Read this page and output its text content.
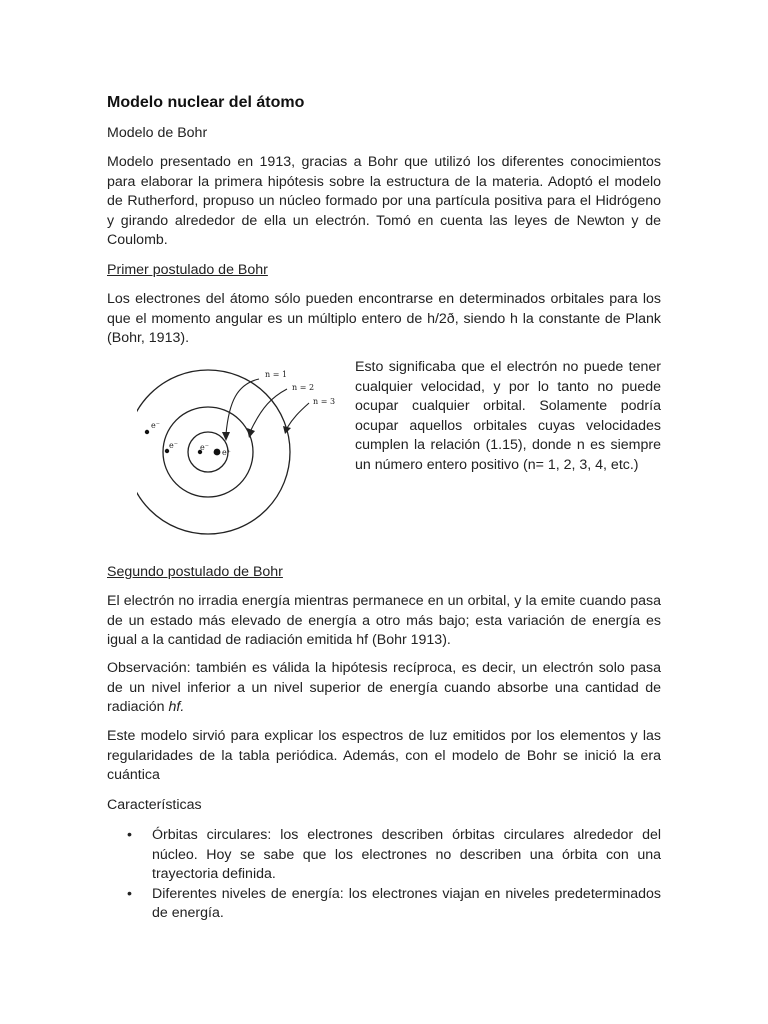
Modelo nuclear del átomo
Modelo de Bohr

Modelo presentado en 1913, gracias a Bohr que utilizó los diferentes conocimientos para elaborar la primera hipótesis sobre la estructura de la materia. Adoptó el modelo de Rutherford, propuso un núcleo formado por una partícula positiva para el Hidrógeno y girando alrededor de ella un electrón. Tomó en cuenta las leyes de Newton y de Coulomb.

Primer postulado de Bohr

Los electrones del átomo sólo pueden encontrarse en determinados orbitales para los que el momento angular es un múltiplo entero de h/2ð, siendo h la constante de Plank (Bohr, 1913).

n = 1
n = 2
n = 3
e⁻
e⁻	e⁻
e⁺

Esto significaba que el electrón no puede tener cualquier velocidad, y por lo tanto no puede ocupar cualquier orbital. Solamente podría ocupar aquellos orbitales cuyas velocidades cumplen la relación (1.15), donde n es siempre un número entero positivo (n= 1, 2, 3, 4, etc.)

Segundo postulado de Bohr

El electrón no irradia energía mientras permanece en un orbital, y la emite cuando pasa de un estado más elevado de energía a otro más bajo; esta variación de energía es igual a la cantidad de radiación emitida hf (Bohr 1913).

Observación: también es válida la hipótesis recíproca, es decir, un electrón solo pasa de un nivel inferior a un nivel superior de energía cuando absorbe una cantidad de radiación hf.

Este modelo sirvió para explicar los espectros de luz emitidos por los elementos y las regularidades de la tabla periódica. Además, con el modelo de Bohr se inició la era cuántica

Características
• Órbitas circulares: los electrones describen órbitas circulares alrededor del núcleo. Hoy se sabe que los electrones no describen una órbita con una trayectoria definida.
• Diferentes niveles de energía: los electrones viajan en niveles predeterminados de energía.
